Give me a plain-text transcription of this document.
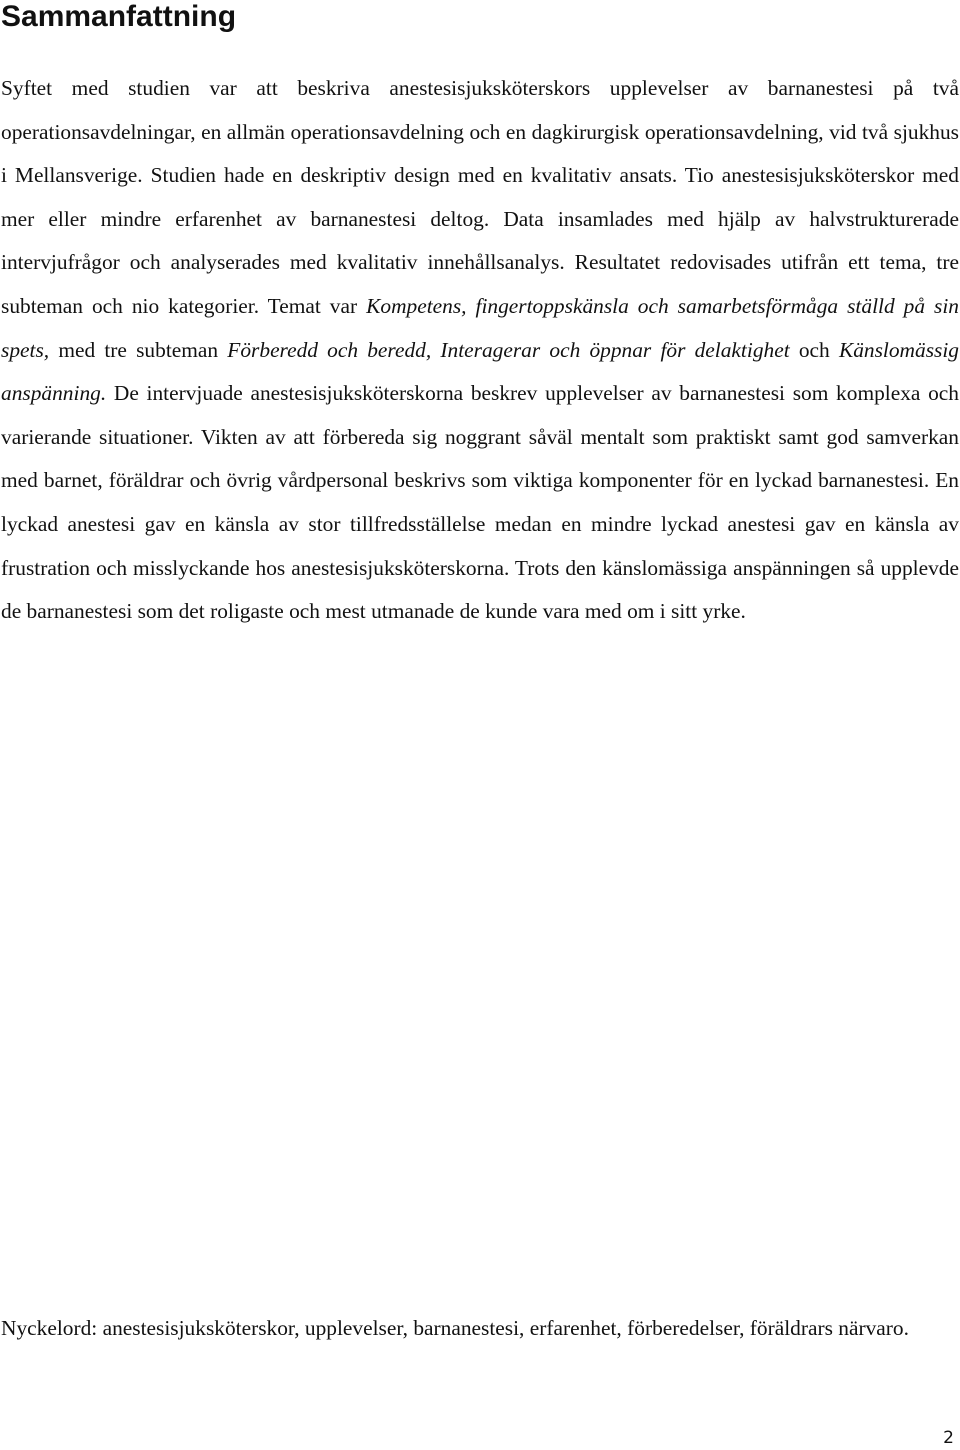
Sammanfattning

Syftet med studien var att beskriva anestesisjuksköterskors upplevelser av barnanestesi på två operationsavdelningar, en allmän operationsavdelning och en dagkirurgisk operationsavdelning, vid två sjukhus i Mellansverige. Studien hade en deskriptiv design med en kvalitativ ansats. Tio anestesisjuksköterskor med mer eller mindre erfarenhet av barnanestesi deltog. Data insamlades med hjälp av halvstrukturerade intervjufrågor och analyserades med kvalitativ innehållsanalys. Resultatet redovisades utifrån ett tema, tre subteman och nio kategorier. Temat var Kompetens, fingertoppskänsla och samarbetsförmåga ställd på sin spets, med tre subteman Förberedd och beredd, Interagerar och öppnar för delaktighet och Känslomässig anspänning. De intervjuade anestesisjuksköterskorna beskrev upplevelser av barnanestesi som komplexa och varierande situationer. Vikten av att förbereda sig noggrant såväl mentalt som praktiskt samt god samverkan med barnet, föräldrar och övrig vårdpersonal beskrivs som viktiga komponenter för en lyckad barnanestesi. En lyckad anestesi gav en känsla av stor tillfredsställelse medan en mindre lyckad anestesi gav en känsla av frustration och misslyckande hos anestesisjuksköterskorna. Trots den känslomässiga anspänningen så upplevde de barnanestesi som det roligaste och mest utmanade de kunde vara med om i sitt yrke.

Nyckelord: anestesisjuksköterskor, upplevelser, barnanestesi, erfarenhet, förberedelser, föräldrars närvaro.

2
